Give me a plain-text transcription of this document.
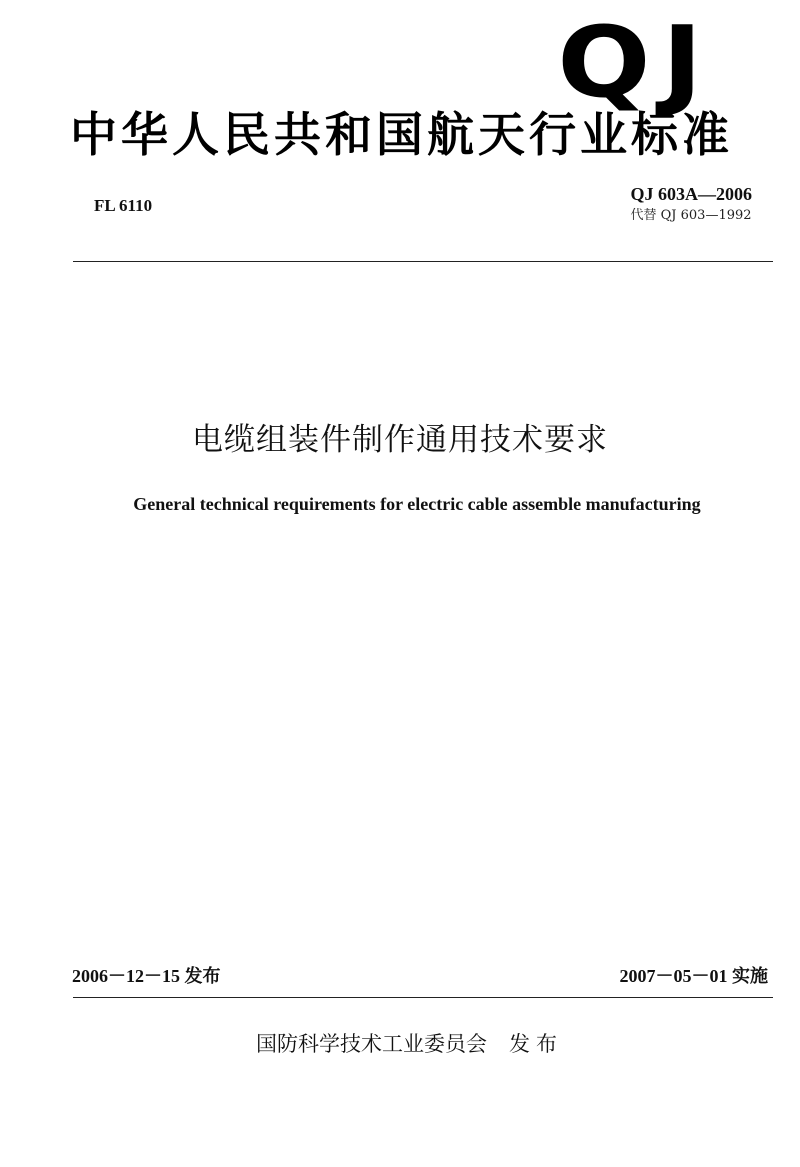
QJ
中华人民共和国航天行业标准
FL 6110
QJ 603A—2006
代替 QJ 603—1992
电缆组装件制作通用技术要求
General technical requirements for electric cable assemble manufacturing
2006－12－15 发布	2007－05－01 实施
国防科学技术工业委员会 发布
